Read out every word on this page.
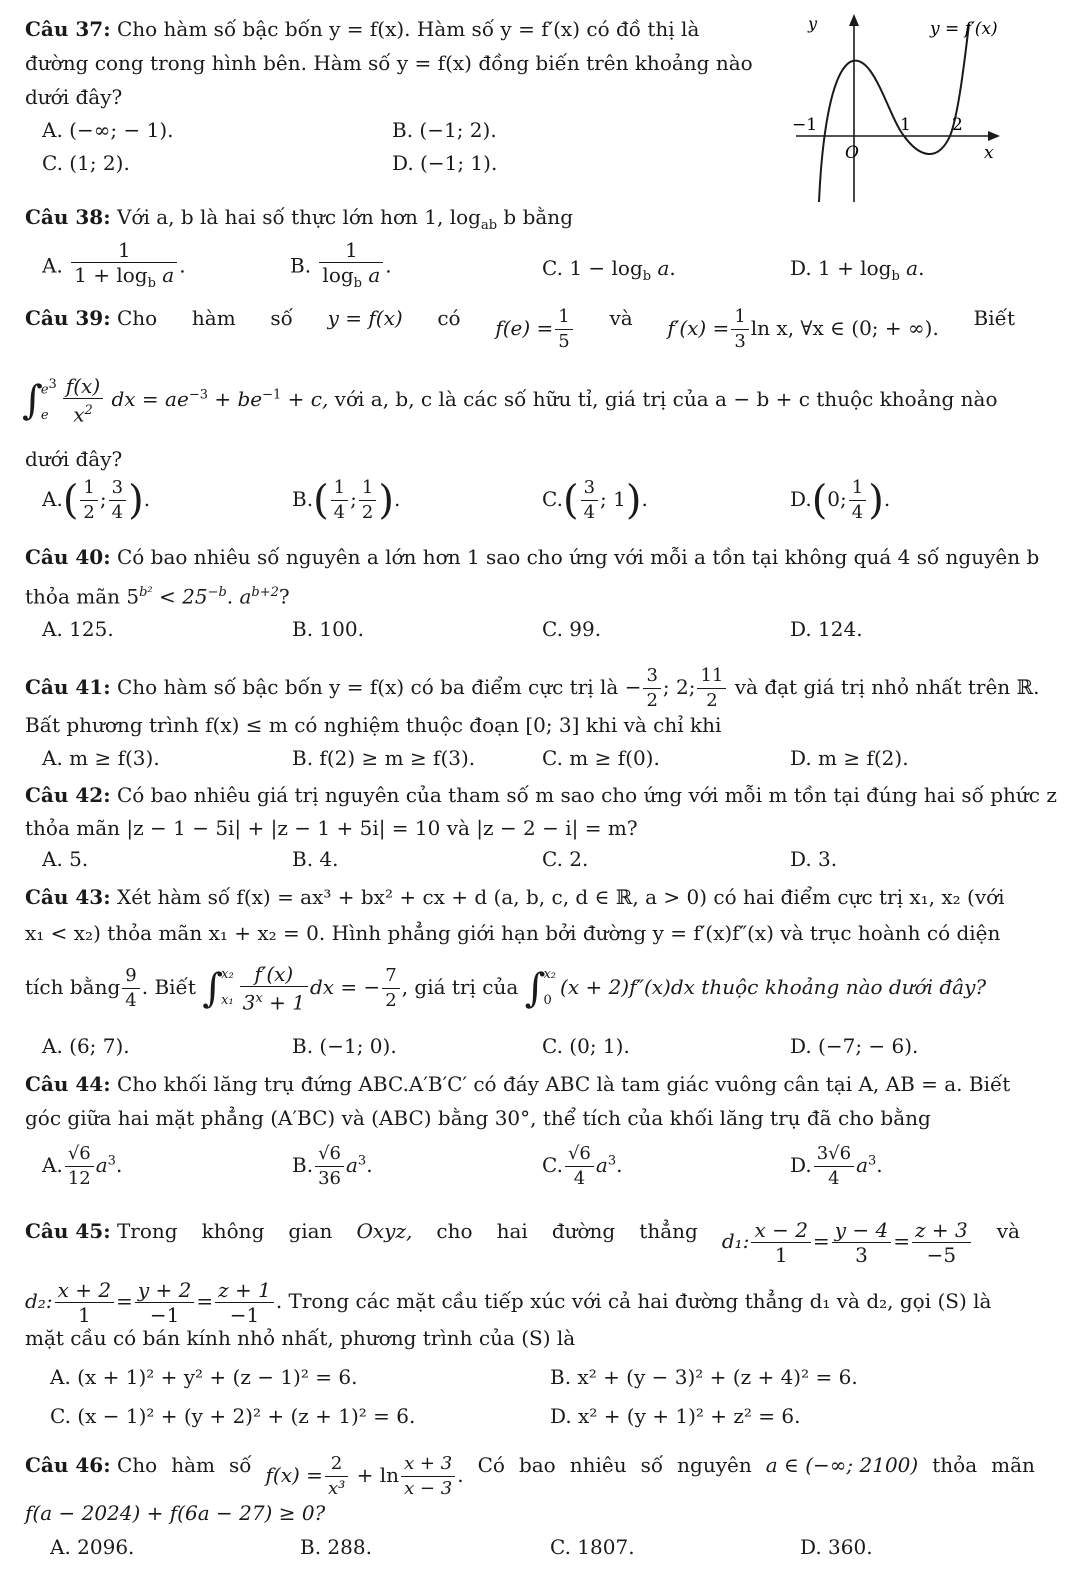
Câu 37: Cho hàm số bậc bốn y = f(x). Hàm số y = f′(x) có đồ thị là
đường cong trong hình bên. Hàm số y = f(x) đồng biến trên khoảng nào
dưới đây?
A. (−∞; − 1).	B. (−1; 2).
C. (1; 2).	D. (−1; 1).
y	y = f′(x)
−1	1 2
O	x
Câu 38: Với a, b là hai số thực lớn hơn 1, $\log_{ab} b$ bằng
A. $\frac{1}{1 + \log_b a}$ .	B. $\frac{1}{\log_b a}$ .	C. $1 - \log_b a$.	D. $1 + \log_b a$.
Câu 39: Cho hàm số y = f(x) có $f(e) = \frac{1}{5}$ và $f'(x) = \frac{1}{3}$ ln x, ∀x ∈ (0; + ∞). Biết
∫
$e^3$
e $\frac{f(x)}{x^2}$ dx = $ae^{-3} + be^{-1} + c$, với a, b, c là các số hữu tỉ, giá trị của a − b + c thuộc khoảng nào
dưới đây?
$A.( \frac{1}{2}$ ; $\frac{3}{4}$ ).	$B.( \frac{1}{4}$ ; $\frac{1}{2}$ ).	$C.( \frac{3}{4}$ ; 1).	D.(0; $\frac{1}{4}$ ).
Câu 40: Có bao nhiêu số nguyên a lớn hơn 1 sao cho ứng với mỗi a tồn tại không quá 4 số nguyên b
thỏa mãn $5^{b^2} < 25^{-b}$. $a^{b+2}$?
A. 125.	B. 100.	C. 99.	D. 124.
Câu 41: Cho hàm số bậc bốn y = f(x) có ba điểm cực trị là − $\frac{3}{2}$ ; 2; $\frac{11}{2}$ và đạt giá trị nhỏ nhất trên ℝ.
Bất phương trình f(x) ≤ m có nghiệm thuộc đoạn [0; 3] khi và chỉ khi
A. m ≥ f(3).	B. f(2) ≥ m ≥ f(3).	C. m ≥ f(0).	D. m ≥ f(2).
Câu 42: Có bao nhiêu giá trị nguyên của tham số m sao cho ứng với mỗi m tồn tại đúng hai số phức z
thỏa mãn |z − 1 − 5i| + |z − 1 + 5i| = 10 và |z − 2 − i| = m?
A. 5.	B. 4.	C. 2.	D. 3.
Câu 43: Xét hàm số f(x) = ax³ + bx² + cx + d (a, b, c, d ∈ ℝ, a > 0) có hai điểm cực trị x₁, x₂ (với
x₁ < x₂) thỏa mãn x₁ + x₂ = 0. Hình phẳng giới hạn bởi đường y = f′(x)f″(x) và trục hoành có diện
tích bằng $\frac{9}{4}$ . Biết ∫
x₂
$x_1 \frac{f'(x)}{3^x + 1}$ dx = − $\frac{7}{2}$ , giá trị của ∫
x₂
0
(x + 2)f″(x)dx thuộc khoảng nào dưới đây?
A. (6; 7).	B. (−1; 0).	C. (0; 1).	D. (−7; − 6).
Câu 44: Cho khối lăng trụ đứng ABC.A′B′C′ có đáy ABC là tam giác vuông cân tại A, AB = a. Biết
góc giữa hai mặt phẳng (A′BC) và (ABC) bằng 30°, thể tích của khối lăng trụ đã cho bằng
A. $\frac{√6}{12} a^3$.	B. $\frac{√6}{36} a^3$.	C. $\frac{√6}{4} a^3$.	D. $\frac{3√6}{4} a^3$.
Câu 45: Trong không gian Oxyz, cho hai đường thẳng d₁: $\frac{x - 2}{1} = \frac{y - 4}{3} = \frac{z + 3}{-5}$ và
d₂: $\frac{x + 2}{1} = \frac{y + 2}{-1} = \frac{z + 1}{-1}$ . Trong các mặt cầu tiếp xúc với cả hai đường thẳng d₁ và d₂, gọi (S) là
mặt cầu có bán kính nhỏ nhất, phương trình của (S) là
A. (x + 1)² + y² + (z − 1)² = 6.	B. x² + (y − 3)² + (z + 4)² = 6.
C. (x − 1)² + (y + 2)² + (z + 1)² = 6.	D. x² + (y + 1)² + z² = 6.
Câu 46: Cho hàm số $f(x) = \frac{2}{\text{x³}} + \ln \frac{x + 3}{x - 3}$ . Có bao nhiêu số nguyên a ∈ (−∞; 2100) thỏa mãn
f(a − 2024) + f(6a − 27) ≥ 0?
A. 2096.	B. 288.	C. 1807.	D. 360.
